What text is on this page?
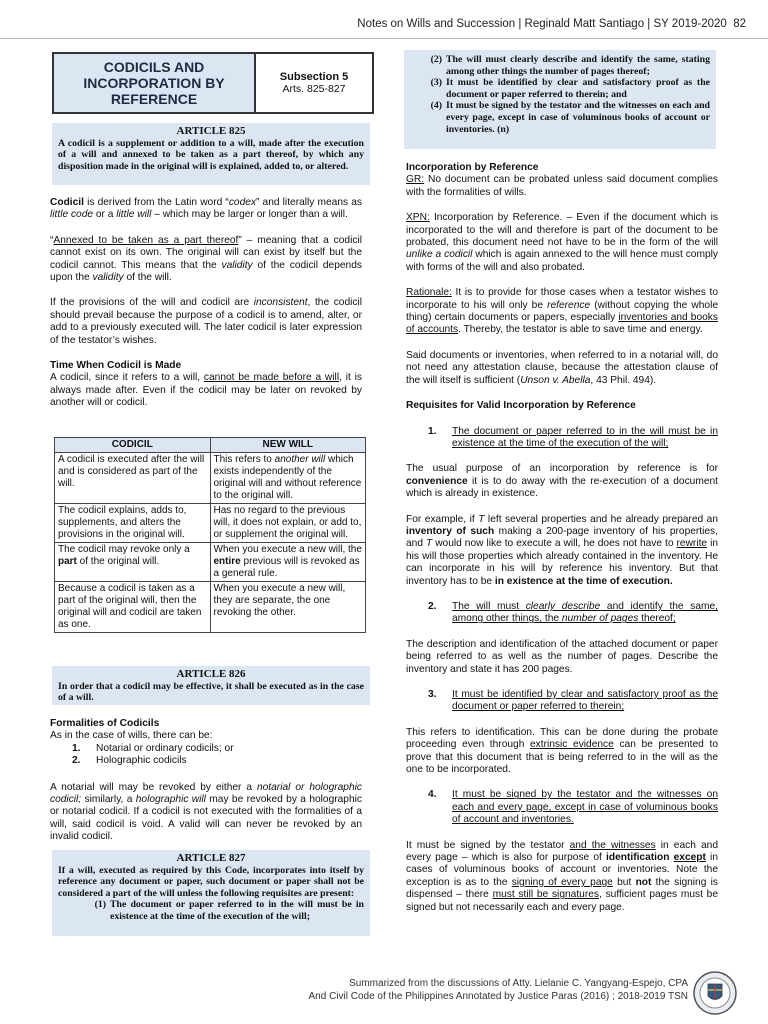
Notes on Wills and Succession | Reginald Matt Santiago | SY 2019-2020 82
CODICILS AND INCORPORATION BY REFERENCE
Subsection 5
Arts. 825-827
ARTICLE 825
A codicil is a supplement or addition to a will, made after the execution of a will and annexed to be taken as a part thereof, by which any disposition made in the original will is explained, added to, or altered.

Codicil is derived from the Latin word “codex” and literally means as little code or a little will – which may be larger or longer than a will.

“Annexed to be taken as a part thereof” – meaning that a codicil cannot exist on its own. The original will can exist by itself but the codicil cannot. This means that the validity of the codicil depends upon the validity of the will.

If the provisions of the will and codicil are inconsistent, the codicil should prevail because the purpose of a codicil is to amend, alter, or add to a previously executed will. The later codicil is later expression of the testator’s wishes.

Time When Codicil is Made

A codicil, since it refers to a will, cannot be made before a will, it is always made after. Even if the codicil may be later on revoked by another will or codicil.

CODICIL	NEW WILL
A codicil is executed after the will and is considered as part of the will.	This refers to another will which exists independently of the original will and without reference to the original will.
The codicil explains, adds to, supplements, and alters the provisions in the original will.	Has no regard to the previous will, it does not explain, or add to, or supplement the original will.
The codicil may revoke only a part of the original will.	When you execute a new will, the entire previous will is revoked as a general rule.
Because a codicil is taken as a part of the original will, then the original will and codicil are taken as one.	When you execute a new will, they are separate, the one revoking the other.
ARTICLE 826
In order that a codicil may be effective, it shall be executed as in the case of a will.

Formalities of Codicils

As in the case of wills, there can be:

1.	Notarial or ordinary codicils; or
2.	Holographic codicils

A notarial will may be revoked by either a notarial or holographic codicil; similarly, a holographic will may be revoked by a holographic or notarial codicil. If a codicil is not executed with the formalities of a will, said codicil is void. A valid will can never be revoked by an invalid codicil.

ARTICLE 827
If a will, executed as required by this Code, incorporates into itself by reference any document or paper, such document or paper shall not be considered a part of the will unless the following requisites are present:
(1) The document or paper referred to in the will must be in existence at the time of the execution of the will;
(2) The will must clearly describe and identify the same, stating among other things the number of pages thereof;
(3) It must be identified by clear and satisfactory proof as the document or paper referred to therein; and
(4) It must be signed by the testator and the witnesses on each and every page, except in case of voluminous books of account or inventories. (n)

Incorporation by Reference

GR: No document can be probated unless said document complies with the formalities of wills.

XPN: Incorporation by Reference. – Even if the document which is incorporated to the will and therefore is part of the document to be probated, this document need not have to be in the form of the will unlike a codicil which is again annexed to the will hence must comply with forms of the will and also probated.

Rationale: It is to provide for those cases when a testator wishes to incorporate to his will only be reference (without copying the whole thing) certain documents or papers, especially inventories and books of accounts. Thereby, the testator is able to save time and energy.

Said documents or inventories, when referred to in a notarial will, do not need any attestation clause, because the attestation clause of the will itself is sufficient (Unson v. Abella, 43 Phil. 494).

Requisites for Valid Incorporation by Reference

1.	The document or paper referred to in the will must be in existence at the time of the execution of the will;

The usual purpose of an incorporation by reference is for convenience it is to do away with the re-execution of a document which is already in existence.

For example, if T left several properties and he already prepared an inventory of such making a 200-page inventory of his properties, and T would now like to execute a will, he does not have to rewrite in his will those properties which already contained in the inventory. He can incorporate in his will by reference his inventory. But that inventory has to be in existence at the time of execution.

2.	The will must clearly describe and identify the same, among other things, the number of pages thereof;

The description and identification of the attached document or paper being referred to as well as the number of pages. Describe the inventory and state it has 200 pages.

3.	It must be identified by clear and satisfactory proof as the document or paper referred to therein;

This refers to identification. This can be done during the probate proceeding even through extrinsic evidence can be presented to prove that this document that is being referred to in the will as the one to be incorporated.

4.	It must be signed by the testator and the witnesses on each and every page, except in case of voluminous books of account and inventories.

It must be signed by the testator and the witnesses in each and every page – which is also for purpose of identification except in cases of voluminous books of account or inventories. Note the exception is as to the signing of every page but not the signing is dispensed – there must still be signatures, sufficient pages must be signed but not necessarily each and every page.

Summarized from the discussions of Atty. Lielanie C. Yangyang-Espejo, CPA
And Civil Code of the Philippines Annotated by Justice Paras (2016) ; 2018-2019 TSN
